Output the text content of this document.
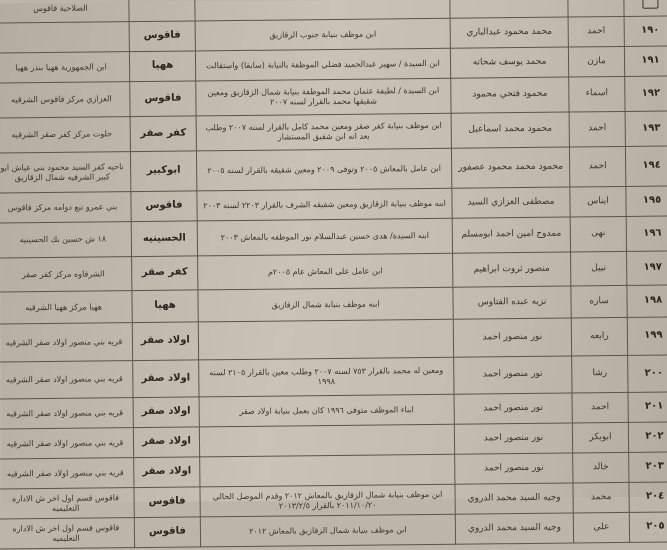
					الصلاحية فاقوس
١٩٠	احمد	محمد محمود عبدالباري	ابن موظف بنيابة جنوب الزقازيق	فاقوس	
١٩١	مازن	محمد يوسف شحاته	ابن السيدة / سهير عبدالحميد فضلي الموظفة بالنيابة (سابقا) واستقالت	ههيا	ابن الجمهورية ههيا بندر ههيا
١٩٢	اسماء	محمود فتحي محمود	ابن السيدة / لطيفة عثمان محمد الموظفة بنيابة شمال الزقازيق ومعين شقيقها محمد بالقرار لسنه ٢٠٠٧	فاقوس	العزازي مركز فاقوس الشرقيه
١٩٣	احمد	محمود محمد اسماعيل	ابن موظف بنيابة كفر صقر ومعين محمد كامل بالقرار لسنه ٢٠٠٧ وطلب بعد انه ابن شقيق المستشار	كفر صقر	حلوت مركز كفر صقر الشرقيه
١٩٤	احمد	محمود محمد محمود عصفور	ابن عامل بالمعاش ٢٠٠٥ وتوفى ٢٠٠٩ ومعين شقيقه بالقرار لسنه ٢٠٠٥	ابوكبير	ناحيه كفر السيد محمود بني عياش ابو كبير الشرقيه شمال الزقازيق
١٩٥	ايناس	مصطفى العزازي السيد	ابنه موظف بنيابة الزقازيق ومعين شقيقه الشرف بالقرار ٢٢٠٣ لسنه ٢٠٠٣	فاقوس	بني عمرو تبع دوامه مركز فاقوس
١٩٦	نهى	ممدوح امين احمد ابومسلم	ابنه السيدة/ هدى حسين عبدالسلام نور الموظفه بالمعاش ٢٠٠٣	الحسينيه	١٨ ش حسين بك الحسينيه
١٩٧	نبيل	منصور ثروت ابراهيم	ابن عامل على المعاش عام ٢٠٠٥م	كفر صقر	الشرقاوه مركز كفر صقر
١٩٨	ساره	نزيه عبده الفتاوس	ابنه موظف بنيابة شمال الزقازيق	ههيا	ههيا مركز ههيا الشرقيه
١٩٩	رابعه	نور منصور احمد		اولاد صقر	قريه بني منصور اولاد صقر الشرقيه
٢٠٠	رشا	نور منصور احمد	ومعين له محمد بالقرار ٧٥٣ لسنه ٢٠٠٧ وطلب معين بالقرار ٢١٠٥ لسنه ١٩٩٨	اولاد صقر	قريه بني منصور اولاد صقر الشرقيه
٢٠١	احمد	نور منصور احمد	ابناء الموظف متوفى ١٩٩٦ كان يعمل بنيابة اولاد صقر	اولاد صقر	قريه بني منصور اولاد صقر الشرقيه
٢٠٢	ابوبكر	نور منصور احمد		اولاد صقر	قريه بني منصور اولاد صقر الشرقيه
٢٠٣	خالد	نور منصور احمد		اولاد صقر	قريه بني منصور اولاد صقر الشرقيه
٢٠٤	محمد	وجيه السيد محمد الدروي	ابن موظف بنيابة شمال الزقازيق بالمعاش ٢٠١٢ وقدم الموصل الحالي ٢٠١١/١٠/٢٠ بالقرار ٢٠١٣/٢/٥	فاقوس	فاقوس قسم اول اخر ش الاداره التعليميه
٢٠٥	علي	وجيه السيد محمد الدروي	ابن موظف بنيابة شمال الزقازيق بالمعاش ٢٠١٢	فاقوس	فاقوس قسم اول اخر ش الاداره التعليميه
